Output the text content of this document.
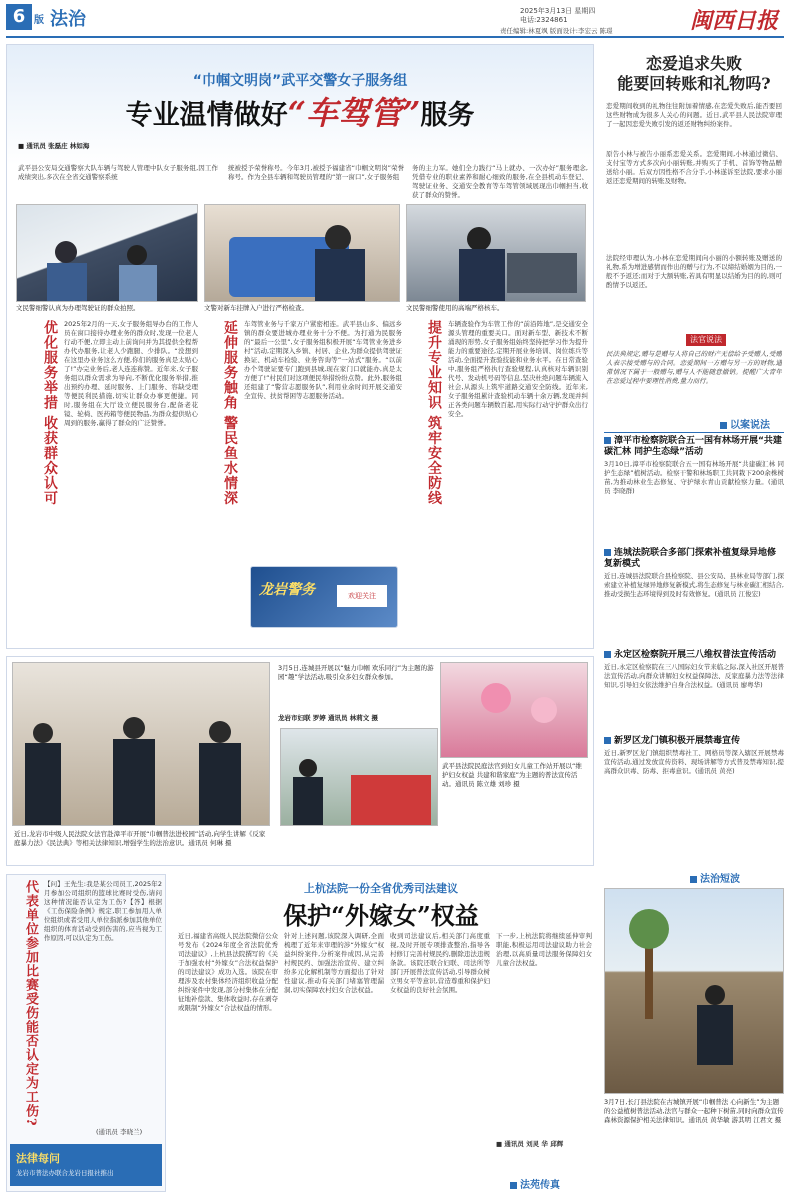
6 版 法治	2025年3月13日 星期四
电话:2324861
责任编辑:林夏飒 版面设计:李宏云 陈璟	闽西日报
“巾帼文明岗”武平交警女子服务组
专业温情做好“车驾管”服务
■ 通讯员 张磊庄 林如海
武平县公安局交通警察大队车辆与驾驶人管理中队女子服务组,因工作成绩突出,多次在全省交通警察系统
统被授予荣誉称号。今年3月,被授予福建省“巾帼文明岗”荣誉称号。作为全县车辆和驾驶员管理的“第一窗口”,女子服务组
务的主力军。她们全力践行“马上就办、一次办好”服务理念,凭借专业的职业素养和耐心细致的服务,在全县机动车登记、驾驶证业务、交通安全教育等车驾管领域展现出巾帼担当,收获了群众的赞誉。
文民警细警认真为办理驾驶证的群众拍照。	文警对新车挂牌入户进行严格检查。	文民警细警使用的高端严格核车。
优化服务举措 收获群众认可	延伸服务触角 警民鱼水情深	提升专业知识 筑牢安全防线
2025年2月的一天,女子服务组导办台的工作人员在窗口接待办理业务的群众时,发现一位老人行动不便,立即主动上前询问并为其提供全程帮办代办服务,让老人少跑腿、少排队。“没想到在这里办业务这么方便,你们的服务真是太贴心了!”办完业务后,老人连连称赞。近年来,女子服务组以群众需求为导向,不断优化服务举措,推出预约办理、延时服务、上门服务、容缺受理等便民利民措施,切实让群众办事更便捷。同时,服务组在大厅设立便民服务台,配备老花镜、轮椅、医药箱等便民物品,为群众提供贴心周到的服务,赢得了群众的广泛赞誉。
车驾管业务与千家万户紧密相连。武平县山多、偏远乡镇的群众要进城办理业务十分不便。为打通为民服务的“最后一公里”,女子服务组积极开展“车驾管业务进乡村”活动,定期深入乡镇、村居、企业,为群众提供驾驶证换证、机动车检验、业务咨询等“一站式”服务。“以前办个驾驶证要专门跑到县城,现在家门口就能办,真是太方便了!”村民们对这项便民举措纷纷点赞。此外,服务组还组建了“警营志愿服务队”,利用业余时间开展交通安全宣传、扶贫帮困等志愿服务活动。
车辆查验作为车管工作的“前沿阵地”,是交通安全源头管理的重要关口。面对新车型、新技术不断涌现的形势,女子服务组始终坚持把学习作为提升能力的重要途径,定期开展业务培训、岗位练兵等活动,全面提升查验技能和业务水平。在日常查验中,服务组严格执行查验规程,认真核对车辆识别代号、发动机号码等信息,坚决杜绝问题车辆流入社会,从源头上筑牢道路交通安全防线。近年来,女子服务组累计查验机动车辆十余万辆,发现并纠正各类问题车辆数百起,用实际行动守护群众出行安全。
龙岩警务	欢迎关注
恋爱追求失败
能要回转账和礼物吗?
恋爱期间收到的礼物往往附加着情感,在恋爱失败后,能否要回这些财物成为很多人关心的问题。近日,武平县人民法院审理了一起因恋爱失败引发的返还财物纠纷案件。
原告小林与被告小丽系恋爱关系。恋爱期间,小林通过微信、支付宝等方式多次向小丽转账,并购买了手机、首饰等物品赠送给小丽。后双方因性格不合分手,小林遂诉至法院,要求小丽返还恋爱期间的转账及财物。
法院经审理认为,小林在恋爱期间向小丽的小额转账及赠送的礼物,系为增进感情而作出的赠与行为,不以缔结婚姻为目的,一般不予返还;而对于大额转账,若具有明显以结婚为目的的,则可酌情予以返还。
法官说法
民法典规定,赠与是赠与人将自己的财产无偿给予受赠人,受赠人表示接受赠与的合同。恋爱期间一方赠与另一方的财物,通常情况下属于一般赠与,赠与人不能随意撤销。提醒广大青年在恋爱过程中要理性消费,量力而行。
以案说法
漳平市检察院联合五一国有林场开展“共建碳汇林 同护生态绿”活动
3月10日,漳平市检察院联合五一国有林场开展“共建碳汇林 同护生态绿”植树活动。检察干警和林场职工共同栽下200余株树苗,为推动林业生态修复、守护绿水青山贡献检察力量。(通讯员 李晓群)
连城法院联合多部门探索补植复绿异地修复新模式
近日,连城县法院联合县检察院、县公安局、县林业局等部门,探索建立补植复绿异地修复新模式,将生态修复与林业碳汇相结合,推动受损生态环境得到及时有效修复。(通讯员 江俊宏)
永定区检察院开展三八维权普法宣传活动
近日,永定区检察院在三八国际妇女节来临之际,深入社区开展普法宣传活动,向群众讲解妇女权益保障法、反家庭暴力法等法律知识,引导妇女依法维护自身合法权益。(通讯员 廖粤华)
新罗区龙门镇积极开展禁毒宣传
近日,新罗区龙门镇组织禁毒社工、网格员等深入辖区开展禁毒宣传活动,通过发放宣传资料、现场讲解等方式普及禁毒知识,提高群众识毒、防毒、拒毒意识。(通讯员 黄亮)
法治短波
近日,龙岩市中级人民法院女法官赴漳平市开展“巾帼普法进校园”活动,向学生讲解《反家庭暴力法》《民法典》等相关法律知识,增强学生的法治意识。通讯员 何琳 摄
3月5日,连城县开展以“魅力巾帼 欢乐同行”为主题的游园“趣”学法活动,吸引众多妇女群众参加。
龙岩市妇联 罗婷 通讯员 林莉文 摄
武平县法院民庭法官到妇女儿童工作站开展以“维护妇女权益 共建和谐家庭”为主题的普法宣传活动。通讯员 陈立雄 刘珍 摄
代表单位参加比赛受伤能否认定为工伤? 【问】王先生:我是某公司员工,2025年2月参加公司组织的篮球比赛时受伤,请问这种情况能否认定为工伤?【答】根据《工伤保险条例》规定,职工参加用人单位组织或者受用人单位指派参加其他单位组织的体育活动受到伤害的,应当视为工作原因,可以认定为工伤。
(通讯员 李晓兰)
法律每问
龙岩市普法办联合龙岩日报社推出
上杭法院一份全省优秀司法建议
保护“外嫁女”权益
近日,福建省高级人民法院微信公众号发布《2024年度全省法院优秀司法建议》,上杭县法院撰写的《关于加强农村“外嫁女”合法权益保护的司法建议》成功入选。该院在审理涉及农村集体经济组织收益分配纠纷案件中发现,部分村集体在分配征地补偿款、集体收益时,存在剥夺或限制“外嫁女”合法权益的情形。
针对上述问题,该院深入调研,全面梳理了近年来审理的涉“外嫁女”权益纠纷案件,分析案件成因,从完善村规民约、加强法治宣传、建立纠纷多元化解机制等方面提出了针对性建议,推动有关部门堵塞管理漏洞,切实保障农村妇女合法权益。
收到司法建议后,相关部门高度重视,及时开展专项排查整治,指导各村修订完善村规民约,删除违法违规条款。该院还联合妇联、司法所等部门开展普法宣传活动,引导群众树立男女平等意识,营造尊重和保护妇女权益的良好社会氛围。
下一步,上杭法院将继续延伸审判职能,积极运用司法建议助力社会治理,以高质量司法服务保障妇女儿童合法权益。
■ 通讯员 刘灵 华 邱辉
法苑传真
3月7日,长汀县法院在古城镇开展“巾帼普法 心向新生”为主题的公益植树普法活动,法官与群众一起种下树苗,同时向群众宣传森林资源保护相关法律知识。通讯员 黄华敏 游其明 江君文 摄
